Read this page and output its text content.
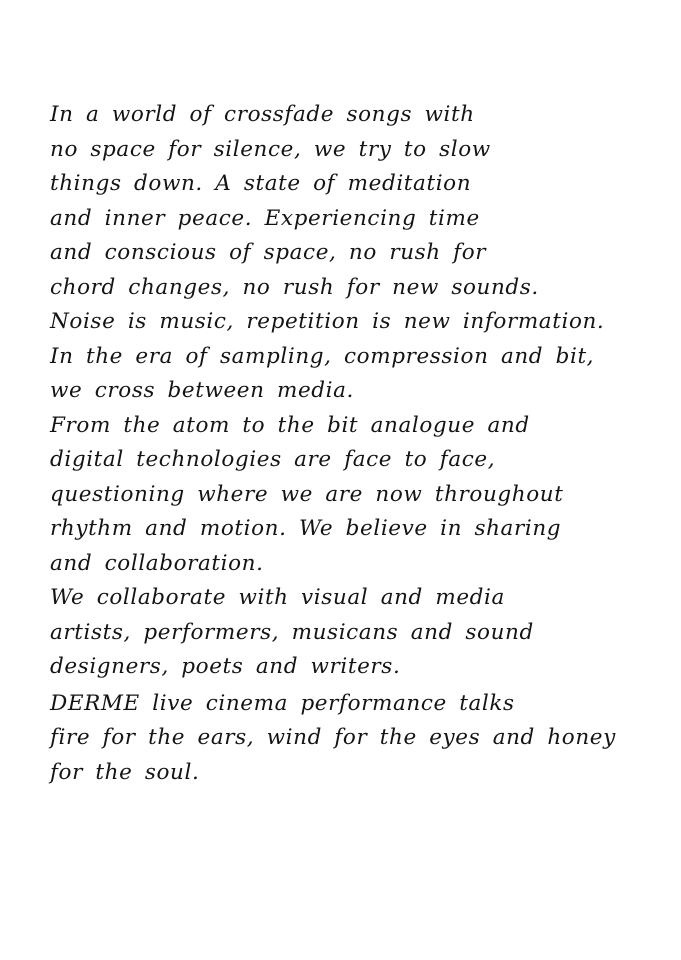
In a world of crossfade songs with
no space for silence, we try to slow
things down. A state of meditation
and inner peace. Experiencing time
and conscious of space, no rush for
chord changes, no rush for new sounds.
Noise is music, repetition is new information.
In the era of sampling, compression and bit,
we cross between media.
From the atom to the bit analogue and
digital technologies are face to face,
questioning where we are now throughout
rhythm and motion. We believe in sharing
and collaboration.
We collaborate with visual and media
artists, performers, musicans and sound
designers, poets and writers.
DERME live cinema performance talks
fire for the ears, wind for the eyes and honey
for the soul.
